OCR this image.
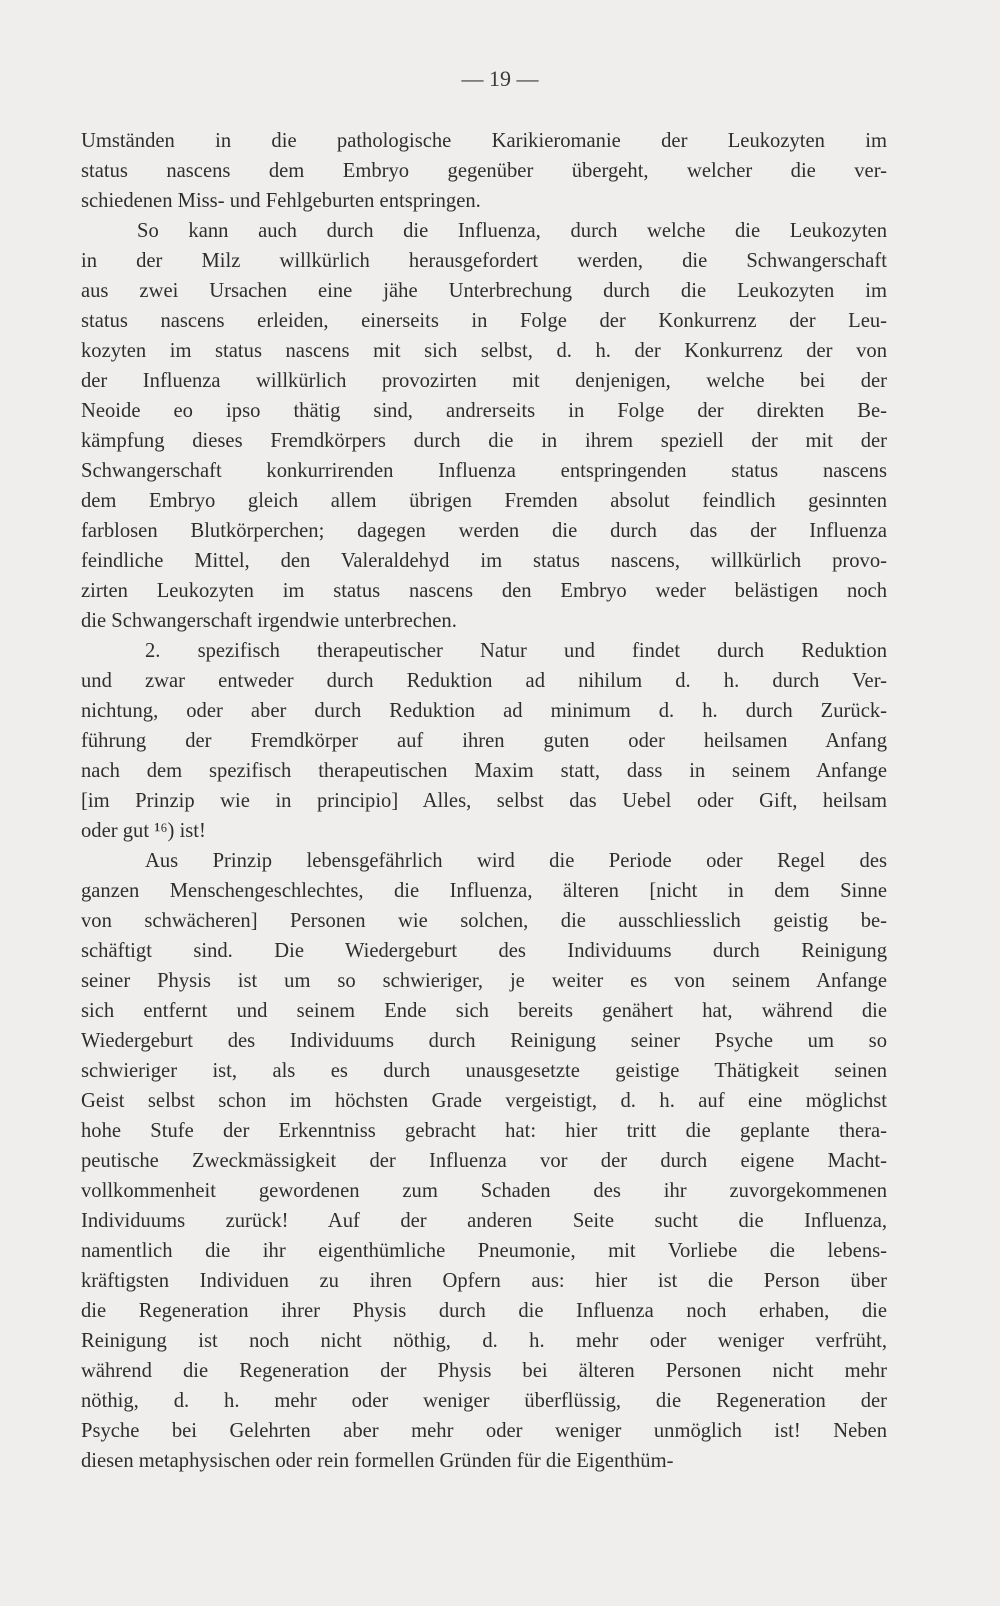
— 19 —
Umständen in die pathologische Karikieromanie der Leukozyten im
status nascens dem Embryo gegenüber übergeht, welcher die ver-
schiedenen Miss- und Fehlgeburten entspringen.
So kann auch durch die Influenza, durch welche die Leukozyten
in der Milz willkürlich herausgefordert werden, die Schwangerschaft
aus zwei Ursachen eine jähe Unterbrechung durch die Leukozyten im
status nascens erleiden, einerseits in Folge der Konkurrenz der Leu-
kozyten im status nascens mit sich selbst, d. h. der Konkurrenz der von
der Influenza willkürlich provozirten mit denjenigen, welche bei der
Neoide eo ipso thätig sind, andrerseits in Folge der direkten Be-
kämpfung dieses Fremdkörpers durch die in ihrem speziell der mit der
Schwangerschaft konkurrirenden Influenza entspringenden status nascens
dem Embryo gleich allem übrigen Fremden absolut feindlich gesinnten
farblosen Blutkörperchen; dagegen werden die durch das der Influenza
feindliche Mittel, den Valeraldehyd im status nascens, willkürlich provo-
zirten Leukozyten im status nascens den Embryo weder belästigen noch
die Schwangerschaft irgendwie unterbrechen.
2. spezifisch therapeutischer Natur und findet durch Reduktion
und zwar entweder durch Reduktion ad nihilum d. h. durch Ver-
nichtung, oder aber durch Reduktion ad minimum d. h. durch Zurück-
führung der Fremdkörper auf ihren guten oder heilsamen Anfang
nach dem spezifisch therapeutischen Maxim statt, dass in seinem Anfange
[im Prinzip wie in principio] Alles, selbst das Uebel oder Gift, heilsam
oder gut ¹⁶) ist!
Aus Prinzip lebensgefährlich wird die Periode oder Regel des
ganzen Menschengeschlechtes, die Influenza, älteren [nicht in dem Sinne
von schwächeren] Personen wie solchen, die ausschliesslich geistig be-
schäftigt sind. Die Wiedergeburt des Individuums durch Reinigung
seiner Physis ist um so schwieriger, je weiter es von seinem Anfange
sich entfernt und seinem Ende sich bereits genähert hat, während die
Wiedergeburt des Individuums durch Reinigung seiner Psyche um so
schwieriger ist, als es durch unausgesetzte geistige Thätigkeit seinen
Geist selbst schon im höchsten Grade vergeistigt, d. h. auf eine möglichst
hohe Stufe der Erkenntniss gebracht hat: hier tritt die geplante thera-
peutische Zweckmässigkeit der Influenza vor der durch eigene Macht-
vollkommenheit gewordenen zum Schaden des ihr zuvorgekommenen
Individuums zurück! Auf der anderen Seite sucht die Influenza,
namentlich die ihr eigenthümliche Pneumonie, mit Vorliebe die lebens-
kräftigsten Individuen zu ihren Opfern aus: hier ist die Person über
die Regeneration ihrer Physis durch die Influenza noch erhaben, die
Reinigung ist noch nicht nöthig, d. h. mehr oder weniger verfrüht,
während die Regeneration der Physis bei älteren Personen nicht mehr
nöthig, d. h. mehr oder weniger überflüssig, die Regeneration der
Psyche bei Gelehrten aber mehr oder weniger unmöglich ist! Neben
diesen metaphysischen oder rein formellen Gründen für die Eigenthüm-
